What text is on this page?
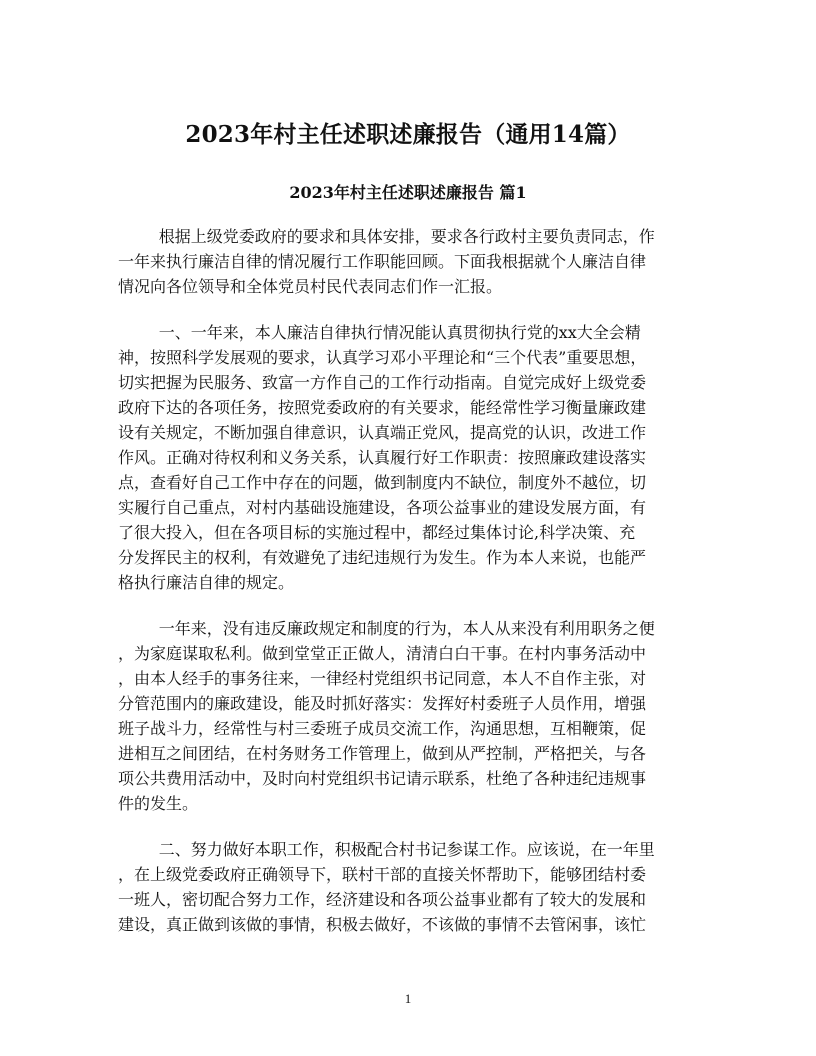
2023年村主任述职述廉报告（通用14篇）
2023年村主任述职述廉报告 篇1
根据上级党委政府的要求和具体安排，要求各行政村主要负责同志，作
一年来执行廉洁自律的情况履行工作职能回顾。下面我根据就个人廉洁自律
情况向各位领导和全体党员村民代表同志们作一汇报。
一、一年来，本人廉洁自律执行情况能认真贯彻执行党的xx大全会精
神，按照科学发展观的要求，认真学习邓小平理论和“三个代表”重要思想，
切实把握为民服务、致富一方作自己的工作行动指南。自觉完成好上级党委
政府下达的各项任务，按照党委政府的有关要求，能经常性学习衡量廉政建
设有关规定，不断加强自律意识，认真端正党风，提高党的认识，改进工作
作风。正确对待权利和义务关系，认真履行好工作职责：按照廉政建设落实
点，查看好自己工作中存在的问题，做到制度内不缺位，制度外不越位，切
实履行自己重点，对村内基础设施建设，各项公益事业的建设发展方面，有
了很大投入，但在各项目标的实施过程中，都经过集体讨论,科学决策、充
分发挥民主的权利，有效避免了违纪违规行为发生。作为本人来说，也能严
格执行廉洁自律的规定。
一年来，没有违反廉政规定和制度的行为，本人从来没有利用职务之便
，为家庭谋取私利。做到堂堂正正做人，清清白白干事。在村内事务活动中
，由本人经手的事务往来，一律经村党组织书记同意，本人不自作主张，对
分管范围内的廉政建设，能及时抓好落实：发挥好村委班子人员作用，增强
班子战斗力，经常性与村三委班子成员交流工作，沟通思想，互相鞭策，促
进相互之间团结，在村务财务工作管理上，做到从严控制，严格把关，与各
项公共费用活动中，及时向村党组织书记请示联系，杜绝了各种违纪违规事
件的发生。
二、努力做好本职工作，积极配合村书记参谋工作。应该说，在一年里
，在上级党委政府正确领导下，联村干部的直接关怀帮助下，能够团结村委
一班人，密切配合努力工作，经济建设和各项公益事业都有了较大的发展和
建设，真正做到该做的事情，积极去做好，不该做的事情不去管闲事，该忙
1
